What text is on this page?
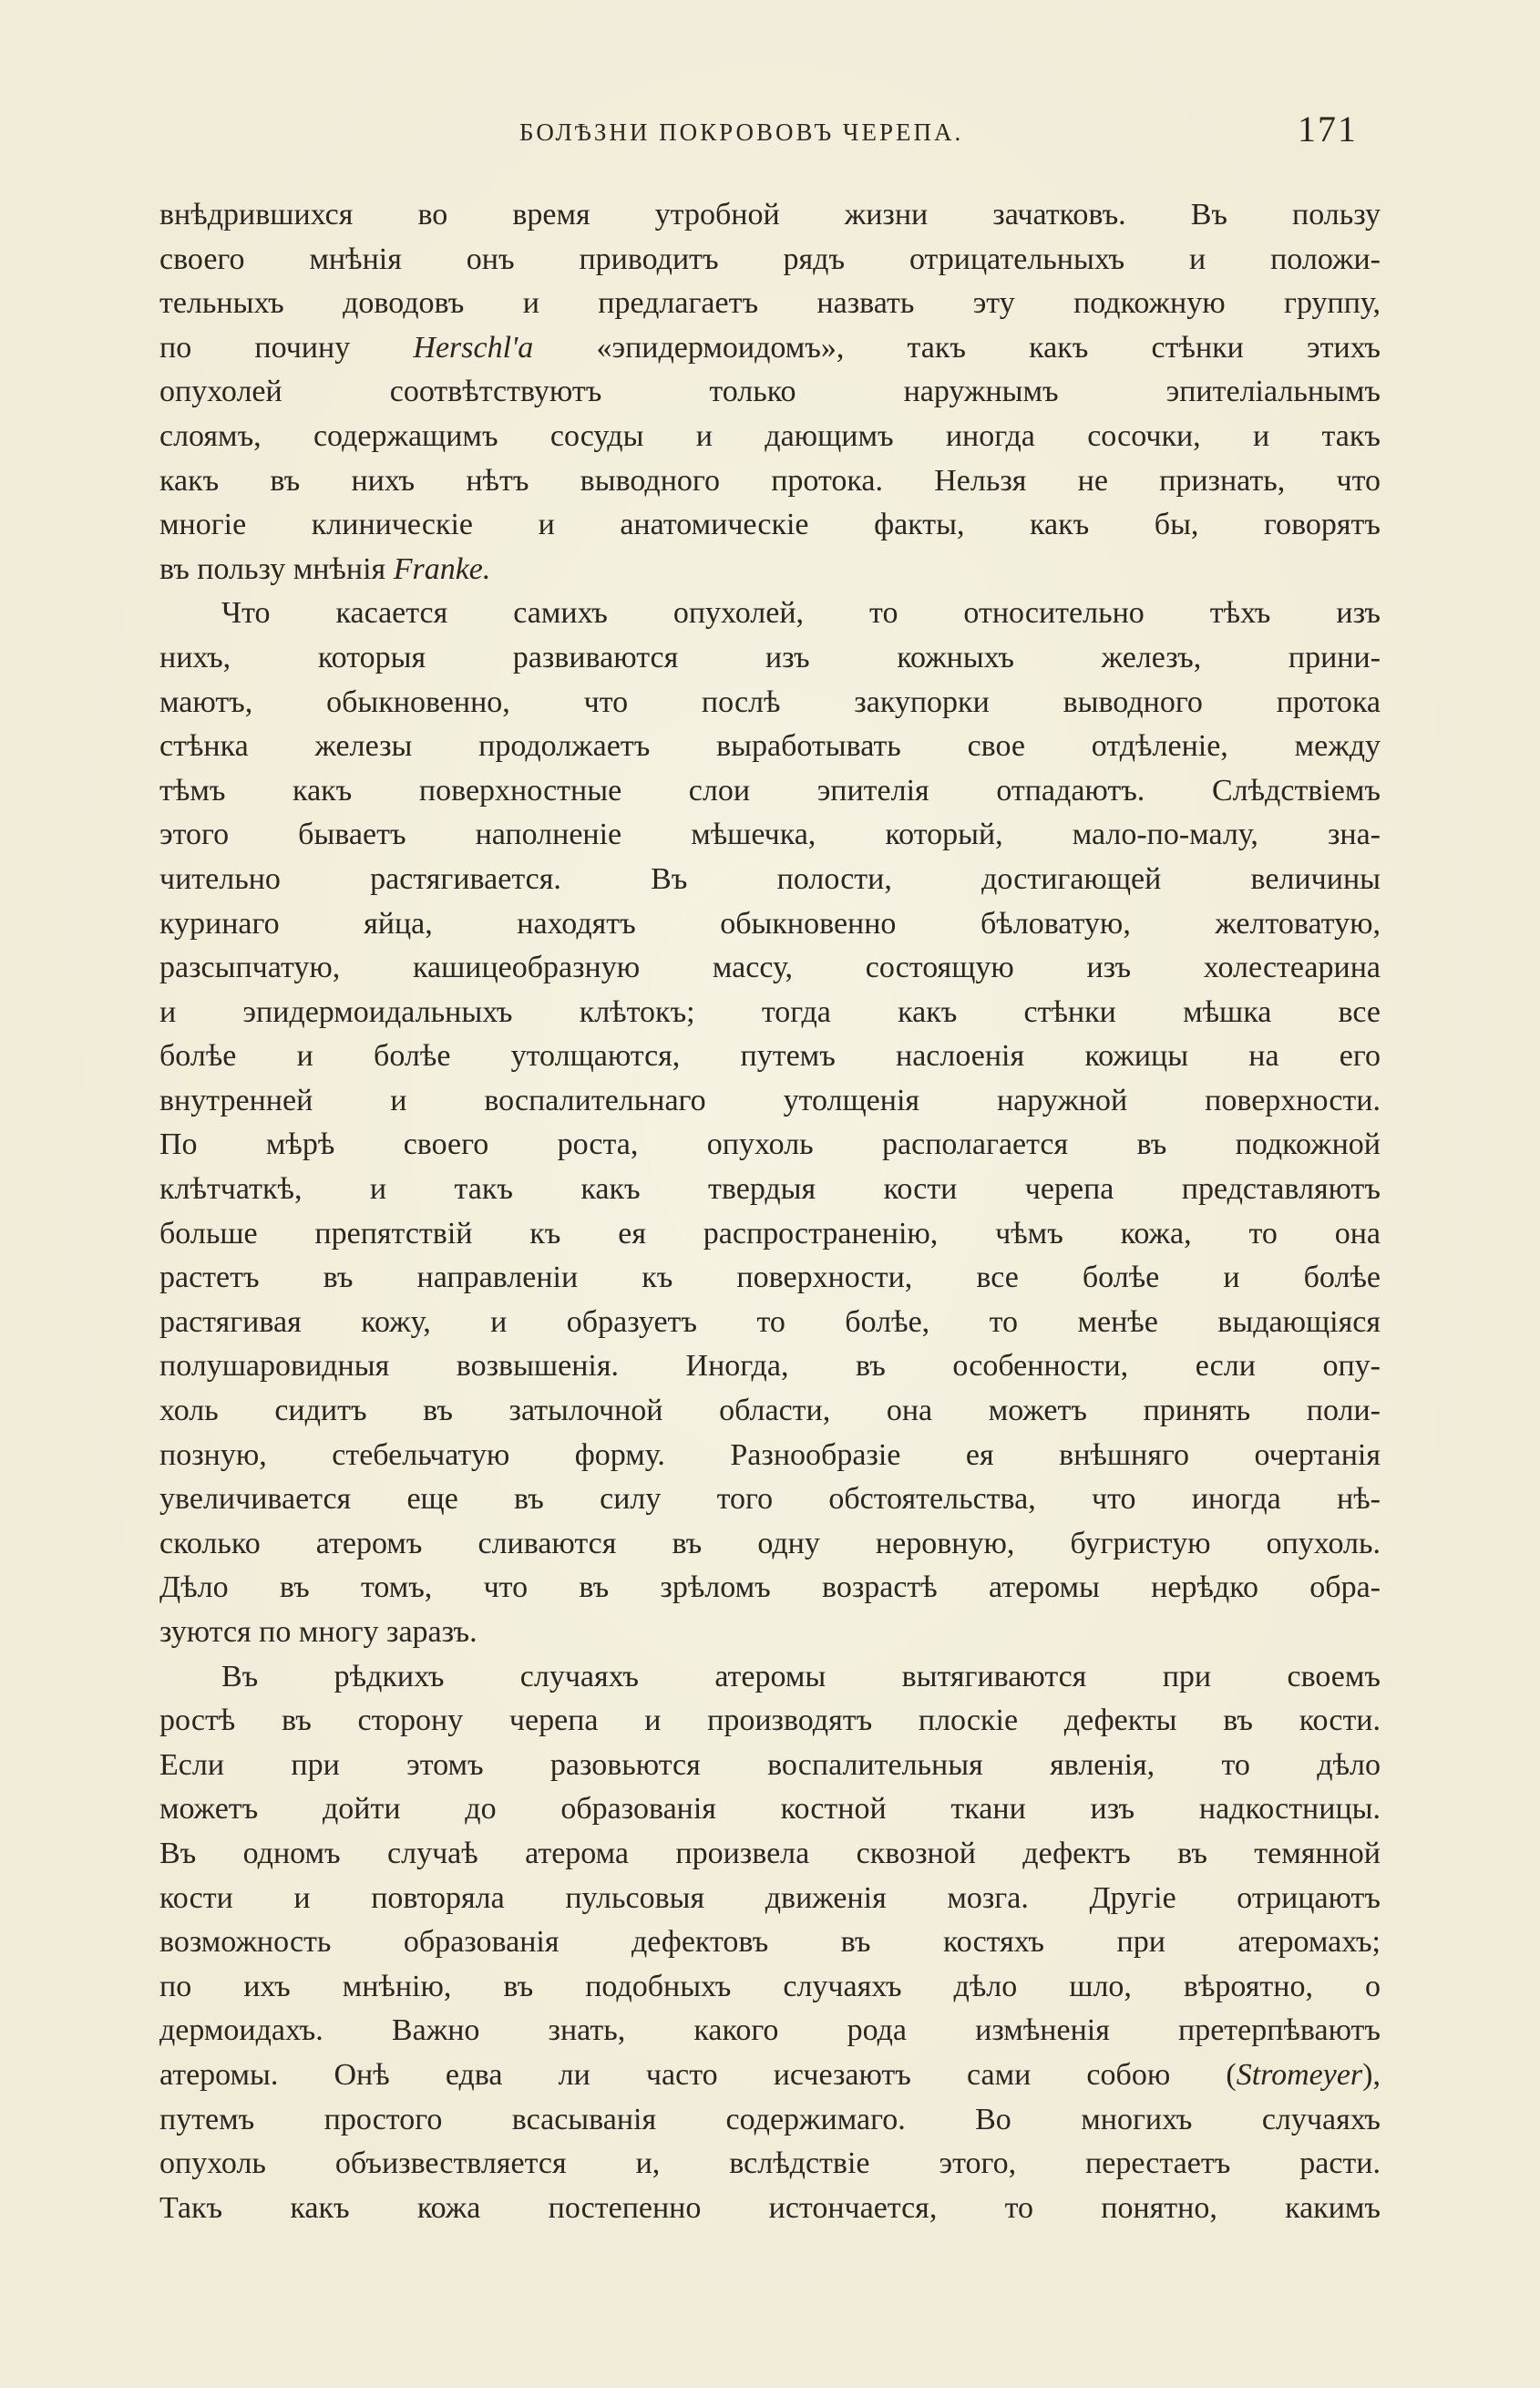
БОЛѢЗНИ ПОКРОВОВЪ ЧЕРЕПА.	171
внѣдрившихся во время утробной жизни зачатковъ. Въ пользу
своего мнѣнія онъ приводитъ рядъ отрицательныхъ и положи-
тельныхъ доводовъ и предлагаетъ назвать эту подкожную группу,
по почину Herschl'a «эпидермоидомъ», такъ какъ стѣнки этихъ
опухолей соотвѣтствуютъ только наружнымъ эпителіальнымъ
слоямъ, содержащимъ сосуды и дающимъ иногда сосочки, и такъ
какъ въ нихъ нѣтъ выводного протока. Нельзя не признать, что
многіе клиническіе и анатомическіе факты, какъ бы, говорятъ
въ пользу мнѣнія Franke.
Что касается самихъ опухолей, то относительно тѣхъ изъ
нихъ, которыя развиваются изъ кожныхъ железъ, прини-
маютъ, обыкновенно, что послѣ закупорки выводного протока
стѣнка железы продолжаетъ выработывать свое отдѣленіе, между
тѣмъ какъ поверхностные слои эпителія отпадаютъ. Слѣдствіемъ
этого бываетъ наполненіе мѣшечка, который, мало-по-малу, зна-
чительно растягивается. Въ полости, достигающей величины
куринаго яйца, находятъ обыкновенно бѣловатую, желтоватую,
разсыпчатую, кашицеобразную массу, состоящую изъ холестеарина
и эпидермоидальныхъ клѣтокъ; тогда какъ стѣнки мѣшка все
болѣе и болѣе утолщаются, путемъ наслоенія кожицы на его
внутренней и воспалительнаго утолщенія наружной поверхности.
По мѣрѣ своего роста, опухоль располагается въ подкожной
клѣтчаткѣ, и такъ какъ твердыя кости черепа представляютъ
больше препятствій къ ея распространенію, чѣмъ кожа, то она
растетъ въ направленіи къ поверхности, все болѣе и болѣе
растягивая кожу, и образуетъ то болѣе, то менѣе выдающіяся
полушаровидныя возвышенія. Иногда, въ особенности, если опу-
холь сидитъ въ затылочной области, она можетъ принять поли-
позную, стебельчатую форму. Разнообразіе ея внѣшняго очертанія
увеличивается еще въ силу того обстоятельства, что иногда нѣ-
сколько атеромъ сливаются въ одну неровную, бугристую опухоль.
Дѣло въ томъ, что въ зрѣломъ возрастѣ атеромы нерѣдко обра-
зуются по многу заразъ.
Въ рѣдкихъ случаяхъ атеромы вытягиваются при своемъ
ростѣ въ сторону черепа и производятъ плоскіе дефекты въ кости.
Если при этомъ разовьются воспалительныя явленія, то дѣло
можетъ дойти до образованія костной ткани изъ надкостницы.
Въ одномъ случаѣ атерома произвела сквозной дефектъ въ темянной
кости и повторяла пульсовыя движенія мозга. Другіе отрицаютъ
возможность образованія дефектовъ въ костяхъ при атеромахъ;
по ихъ мнѣнію, въ подобныхъ случаяхъ дѣло шло, вѣроятно, о
дермоидахъ. Важно знать, какого рода измѣненія претерпѣваютъ
атеромы. Онѣ едва ли часто исчезаютъ сами собою (Stromeyer),
путемъ простого всасыванія содержимаго. Во многихъ случаяхъ
опухоль объизвествляется и, вслѣдствіе этого, перестаетъ расти.
Такъ какъ кожа постепенно истончается, то понятно, какимъ
